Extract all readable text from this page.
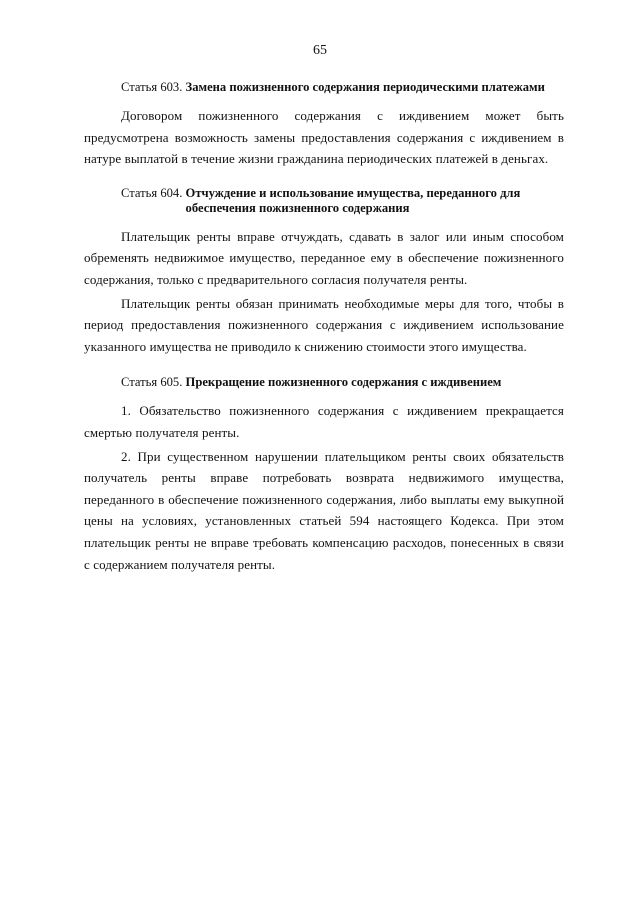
65
Статья 603.
Замена пожизненного содержания периодическими платежами

Договором пожизненного содержания с иждивением может быть предусмотрена возможность замены предоставления содержания с иждивением в натуре выплатой в течение жизни гражданина периодических платежей в деньгах.

Статья 604.
Отчуждение и использование имущества, переданного для обеспечения пожизненного содержания

Плательщик ренты вправе отчуждать, сдавать в залог или иным способом обременять недвижимое имущество, переданное ему в обеспечение пожизненного содержания, только с предварительного согласия получателя ренты.

Плательщик ренты обязан принимать необходимые меры для того, чтобы в период предоставления пожизненного содержания с иждивением использование указанного имущества не приводило к снижению стоимости этого имущества.

Статья 605.
Прекращение пожизненного содержания с иждивением

1. Обязательство пожизненного содержания с иждивением прекращается смертью получателя ренты.

2. При существенном нарушении плательщиком ренты своих обязательств получатель ренты вправе потребовать возврата недвижимого имущества, переданного в обеспечение пожизненного содержания, либо выплаты ему выкупной цены на условиях, установленных статьей 594 настоящего Кодекса. При этом плательщик ренты не вправе требовать компенсацию расходов, понесенных в связи с содержанием получателя ренты.
